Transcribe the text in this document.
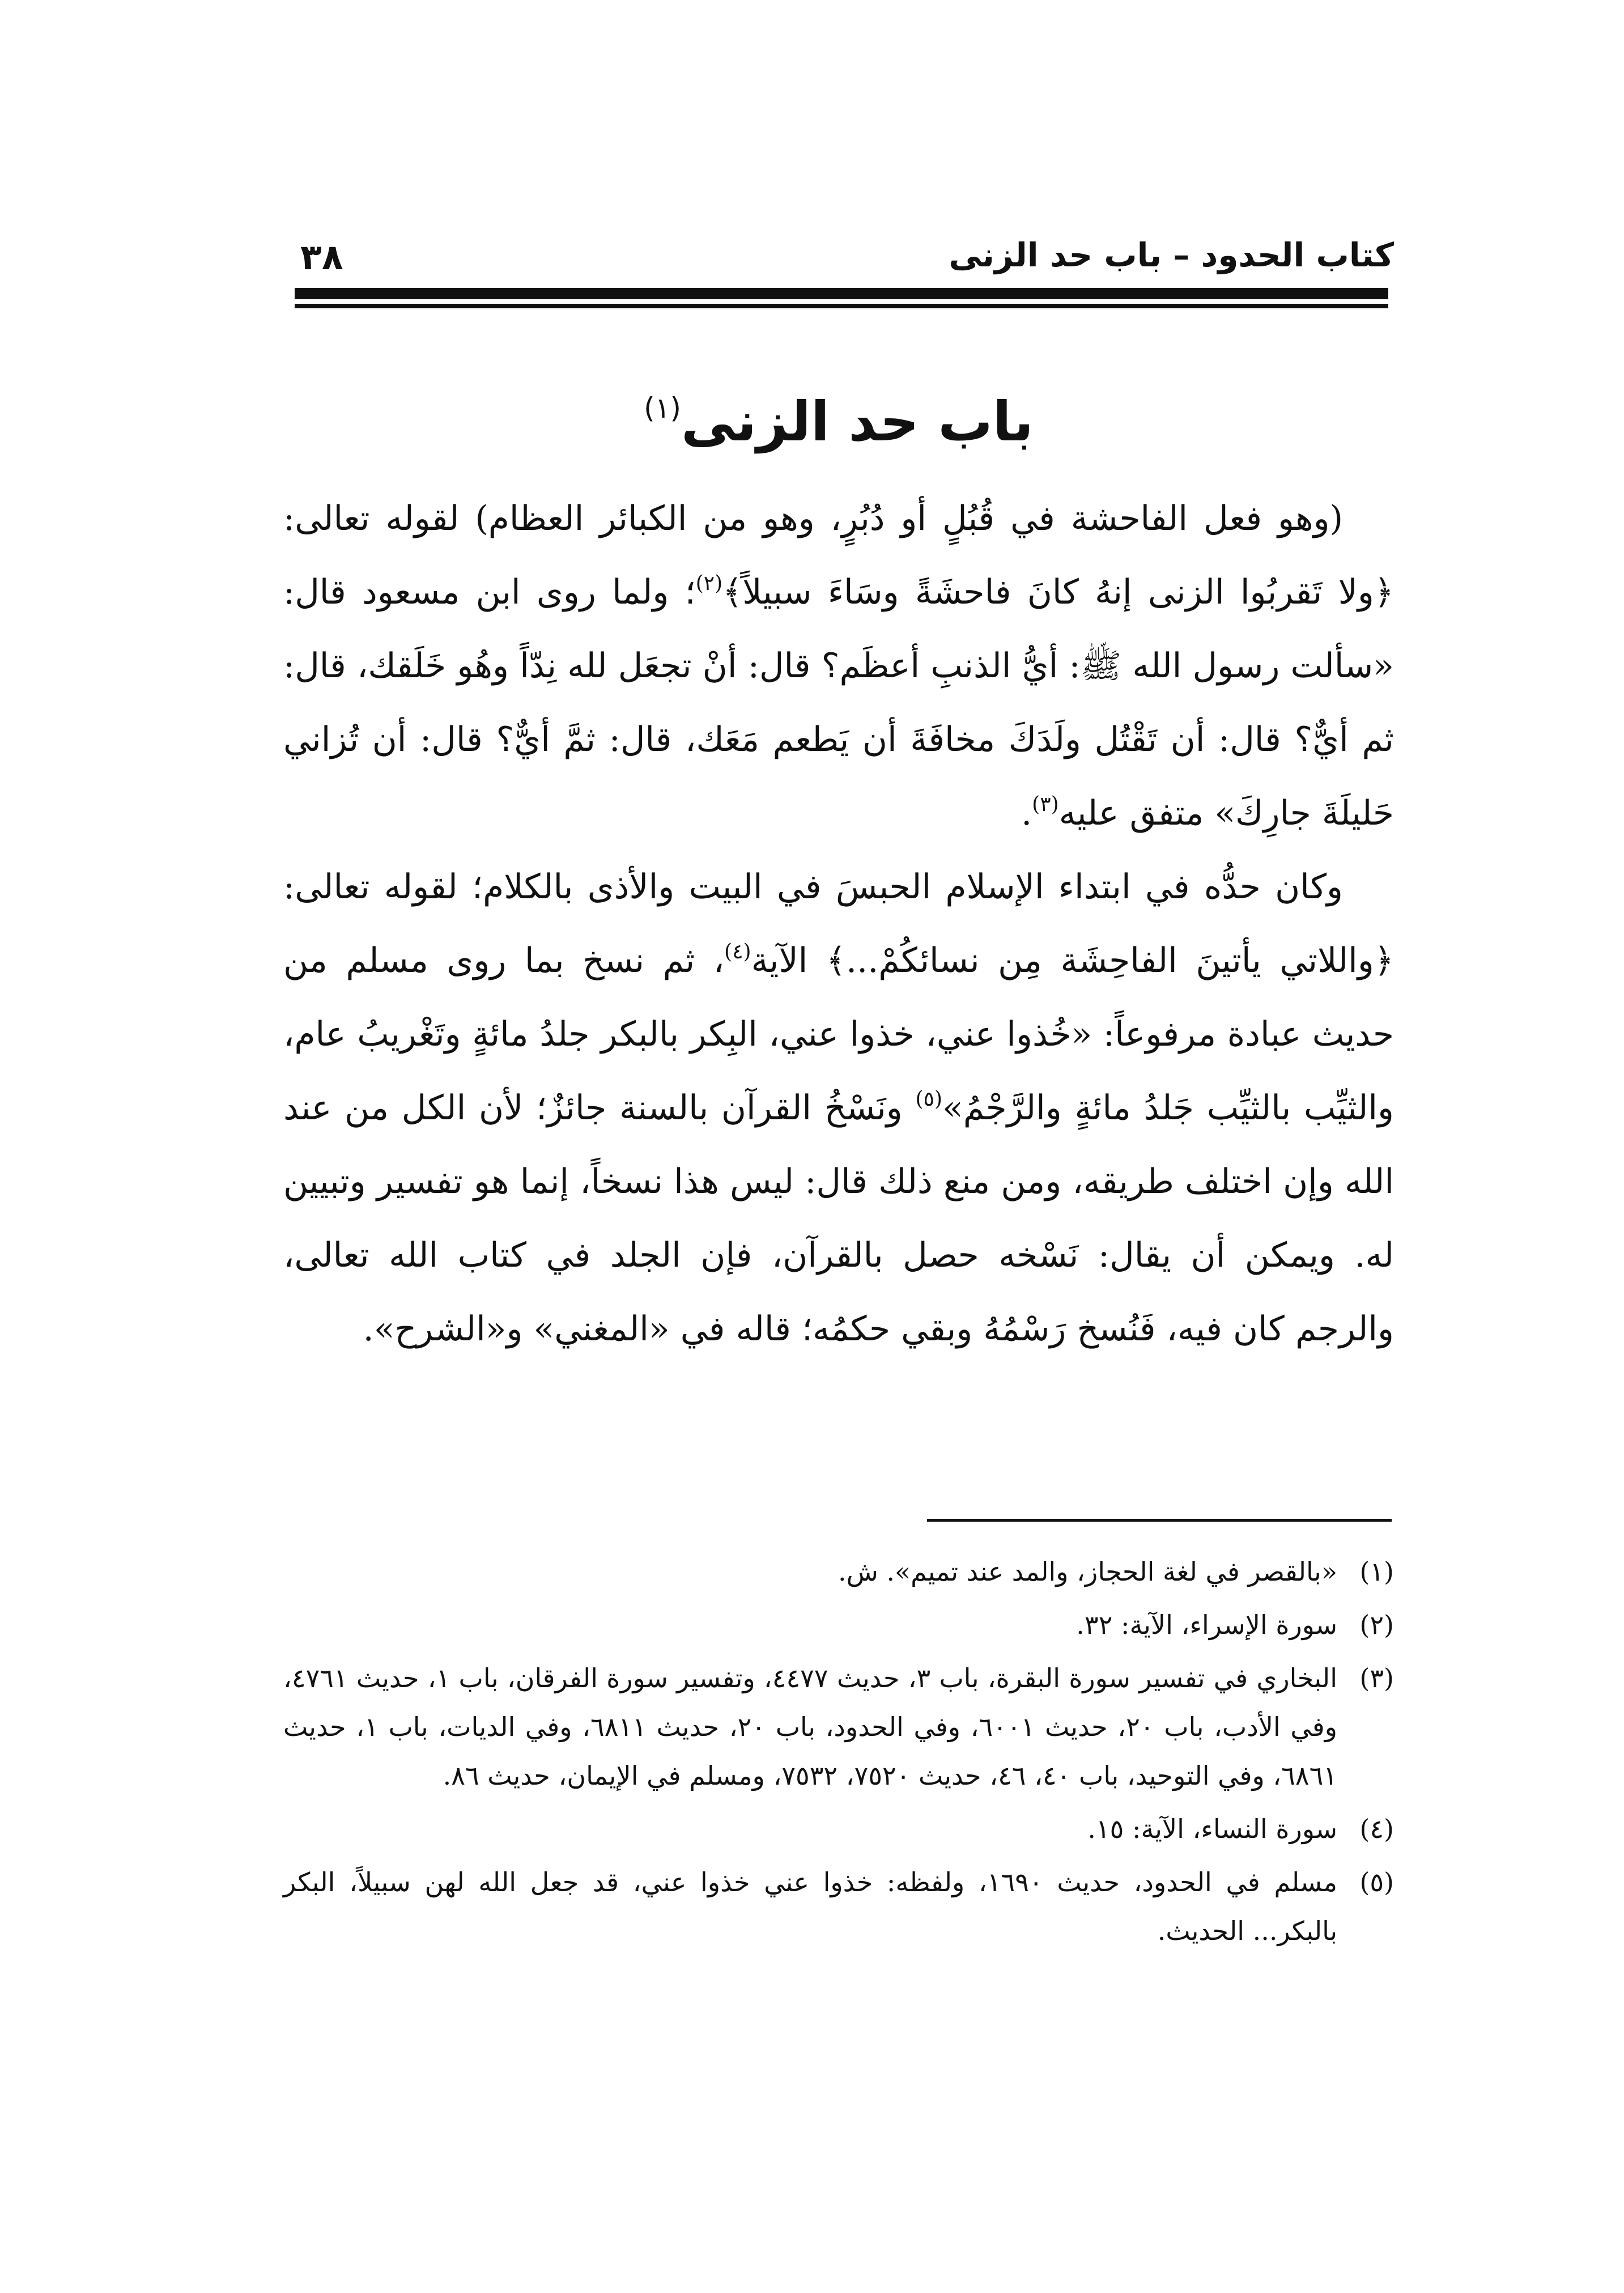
كتاب الحدود – باب حد الزنى
٣٨
باب حد الزنى$^{(١)}$

(وهو فعل الفاحشة في قُبُلٍ أو دُبُرٍ، وهو من الكبائر العظام) لقوله تعالى: ﴿ولا تَقربُوا الزنى إنهُ كانَ فاحشَةً وسَاءَ سبيلاً﴾$^{(٢)}$؛ ولما روى ابن مسعود قال: «سألت رسول الله ﷺ: أيُّ الذنبِ أعظَم؟ قال: أنْ تجعَل لله نِدّاً وهُو خَلَقك، قال: ثم أيٌّ؟ قال: أن تَقْتُل ولَدَكَ مخافَةَ أن يَطعم مَعَك، قال: ثمَّ أيٌّ؟ قال: أن تُزاني حَليلَةَ جارِكَ» متفق عليه$^{(٣)}$.

وكان حدُّه في ابتداء الإسلام الحبسَ في البيت والأذى بالكلام؛ لقوله تعالى: ﴿واللاتي يأتينَ الفاحِشَة مِن نسائكُمْ...﴾ الآية$^{(٤)}$، ثم نسخ بما روى مسلم من حديث عبادة مرفوعاً: «خُذوا عني، خذوا عني، البِكر بالبكر جلدُ مائةٍ وتَغْريبُ عام، والثيِّب بالثيِّب جَلدُ مائةٍ والرَّجْمُ»$^{(٥)}$ ونَسْخُ القرآن بالسنة جائزٌ؛ لأن الكل من عند الله وإن اختلف طريقه، ومن منع ذلك قال: ليس هذا نسخاً، إنما هو تفسير وتبيين له. ويمكن أن يقال: نَسْخه حصل بالقرآن، فإن الجلد في كتاب الله تعالى، والرجم كان فيه، فَنُسخ رَسْمُهُ وبقي حكمُه؛ قاله في «المغني» و«الشرح».

(١)
«بالقصر في لغة الحجاز، والمد عند تميم». ش.
(٢)
سورة الإسراء، الآية: ٣٢.
(٣)
البخاري في تفسير سورة البقرة، باب ٣، حديث ٤٤٧٧، وتفسير سورة الفرقان، باب ١، حديث ٤٧٦١، وفي الأدب، باب ٢٠، حديث ٦٠٠١، وفي الحدود، باب ٢٠، حديث ٦٨١١، وفي الديات، باب ١، حديث ٦٨٦١، وفي التوحيد، باب ٤٠، ٤٦، حديث ٧٥٢٠، ٧٥٣٢، ومسلم في الإيمان، حديث ٨٦.
(٤)
سورة النساء، الآية: ١٥.
(٥)
مسلم في الحدود، حديث ١٦٩٠، ولفظه: خذوا عني خذوا عني، قد جعل الله لهن سبيلاً، البكر بالبكر... الحديث.
